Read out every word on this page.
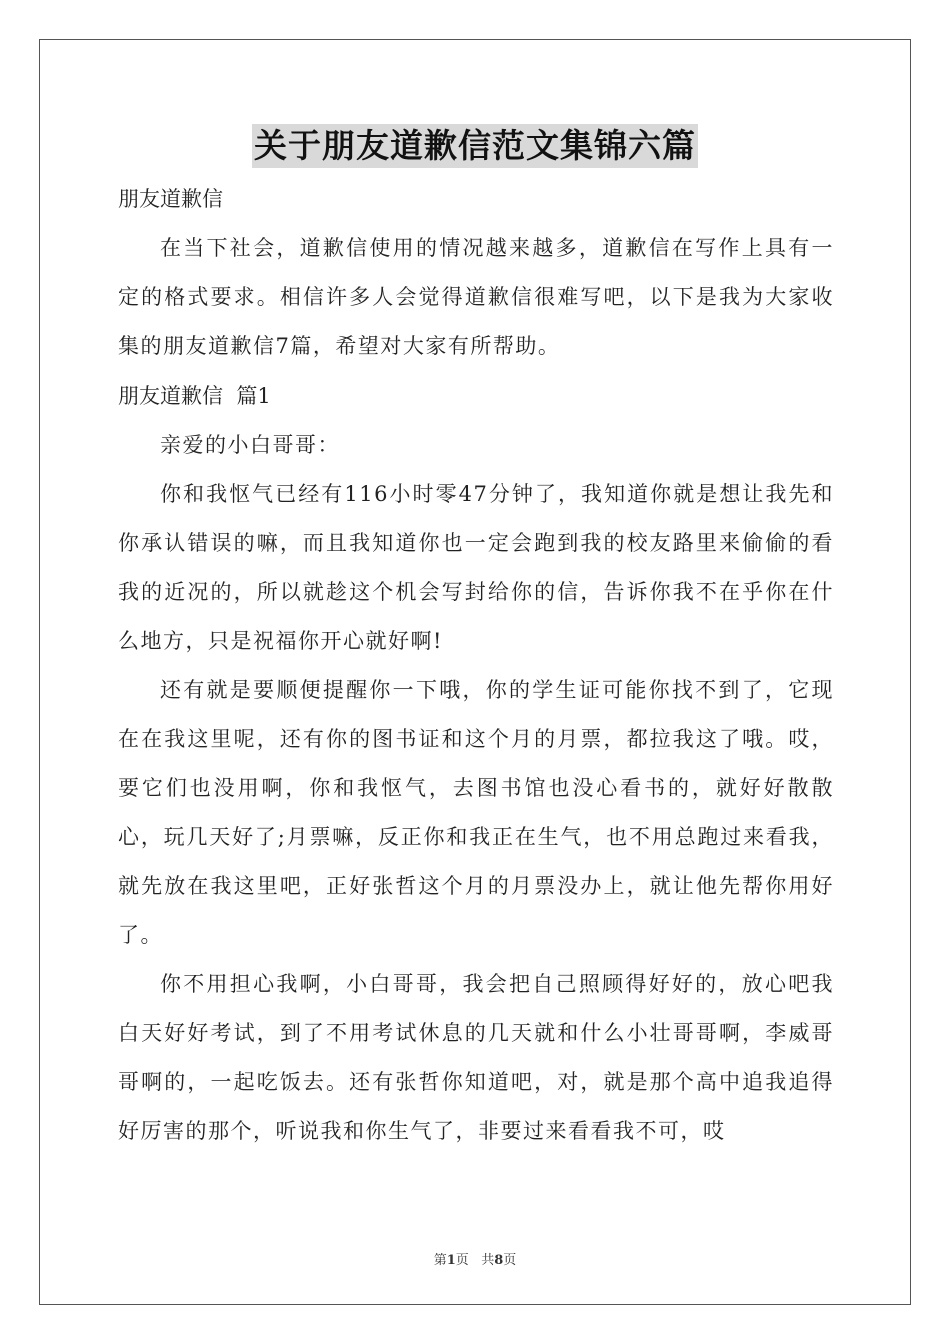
关于朋友道歉信范文集锦六篇

朋友道歉信

在当下社会，道歉信使用的情况越来越多，道歉信在写作上具有一定的格式要求。相信许多人会觉得道歉信很难写吧，以下是我为大家收集的朋友道歉信7篇，希望对大家有所帮助。

朋友道歉信  篇1

亲爱的小白哥哥：

你和我怄气已经有116小时零47分钟了，我知道你就是想让我先和你承认错误的嘛，而且我知道你也一定会跑到我的校友路里来偷偷的看我的近况的，所以就趁这个机会写封给你的信，告诉你我不在乎你在什么地方，只是祝福你开心就好啊!

还有就是要顺便提醒你一下哦，你的学生证可能你找不到了，它现在在我这里呢，还有你的图书证和这个月的月票，都拉我这了哦。哎，要它们也没用啊，你和我怄气，去图书馆也没心看书的，就好好散散心，玩几天好了;月票嘛，反正你和我正在生气，也不用总跑过来看我，就先放在我这里吧，正好张哲这个月的月票没办上，就让他先帮你用好了。

你不用担心我啊，小白哥哥，我会把自己照顾得好好的，放心吧我白天好好考试，到了不用考试休息的几天就和什么小壮哥哥啊，李威哥哥啊的，一起吃饭去。还有张哲你知道吧，对，就是那个高中追我追得好厉害的那个，听说我和你生气了，非要过来看看我不可，哎

第1页   共8页
